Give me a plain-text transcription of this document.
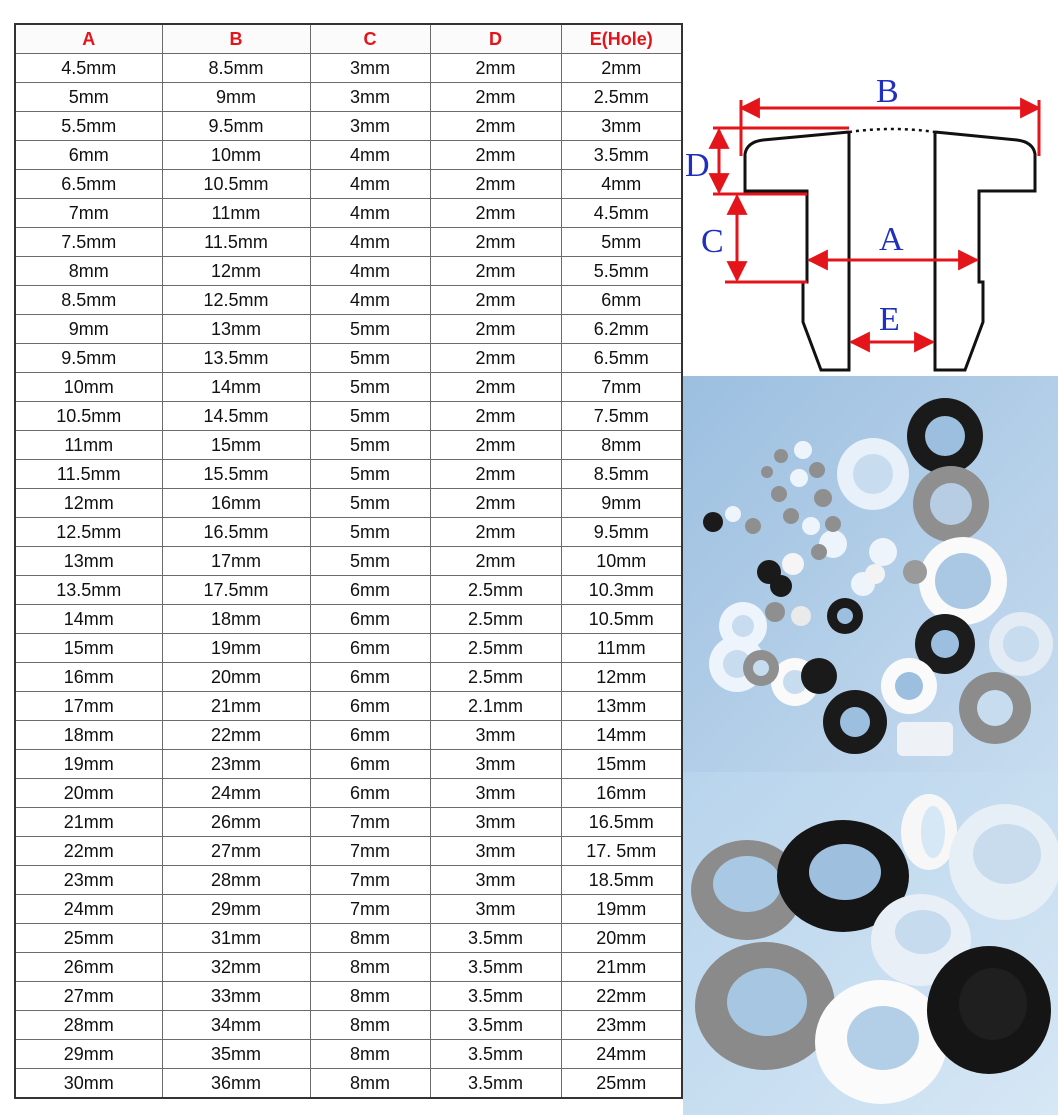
A	B	C	D	E(Hole)
4.5mm	8.5mm	3mm	2mm	2mm
5mm	9mm	3mm	2mm	2.5mm
5.5mm	9.5mm	3mm	2mm	3mm
6mm	10mm	4mm	2mm	3.5mm
6.5mm	10.5mm	4mm	2mm	4mm
7mm	11mm	4mm	2mm	4.5mm
7.5mm	11.5mm	4mm	2mm	5mm
8mm	12mm	4mm	2mm	5.5mm
8.5mm	12.5mm	4mm	2mm	6mm
9mm	13mm	5mm	2mm	6.2mm
9.5mm	13.5mm	5mm	2mm	6.5mm
10mm	14mm	5mm	2mm	7mm
10.5mm	14.5mm	5mm	2mm	7.5mm
11mm	15mm	5mm	2mm	8mm
11.5mm	15.5mm	5mm	2mm	8.5mm
12mm	16mm	5mm	2mm	9mm
12.5mm	16.5mm	5mm	2mm	9.5mm
13mm	17mm	5mm	2mm	10mm
13.5mm	17.5mm	6mm	2.5mm	10.3mm
14mm	18mm	6mm	2.5mm	10.5mm
15mm	19mm	6mm	2.5mm	11mm
16mm	20mm	6mm	2.5mm	12mm
17mm	21mm	6mm	2.1mm	13mm
18mm	22mm	6mm	3mm	14mm
19mm	23mm	6mm	3mm	15mm
20mm	24mm	6mm	3mm	16mm
21mm	26mm	7mm	3mm	16.5mm
22mm	27mm	7mm	3mm	17. 5mm
23mm	28mm	7mm	3mm	18.5mm
24mm	29mm	7mm	3mm	19mm
25mm	31mm	8mm	3.5mm	20mm
26mm	32mm	8mm	3.5mm	21mm
27mm	33mm	8mm	3.5mm	22mm
28mm	34mm	8mm	3.5mm	23mm
29mm	35mm	8mm	3.5mm	24mm
30mm	36mm	8mm	3.5mm	25mm
B
D
C	A
E
